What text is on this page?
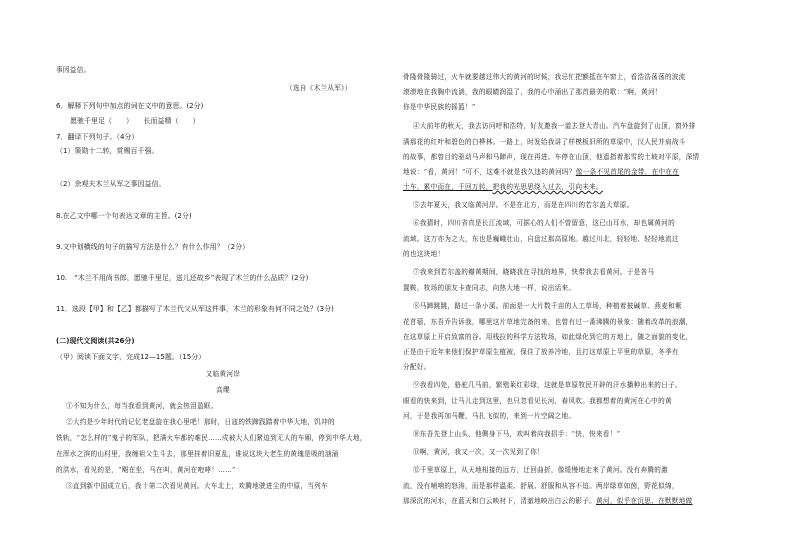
事因益信。
（选自《木兰从军》）
6．解释下列句中加点的词在文中的意思。(2分)
愿驰千里足（　　）　　长而益精（　　）
7．翻译下列句子。（4分）
（1）策勋十二转，赏赐百千强。
（2）余观夫木兰从军之事因益信。
8.在乙文中哪一个句表达文章的主旨。(2分)
9.文中划横线的句子的描写方法是什么？有什么作用？（2分）
10.　“木兰不用尚书郎，愿驰千里足，送儿还故乡”表现了木兰的什么品质？(2分)
11．选段【甲】和【乙】都描写了木兰代父从军这件事，木兰的形象有何不同之处？(3分)
(二)现代文阅读(共26分)
（甲）阅读下面文字，完成12—15题。（15分）
又临黄河岸
高缨
①不知为什么，每当我看到黄河，就会热泪盈眶。
②大约是少年时代的记忆老盘旋在我心里吧！那时，日寇的铁蹄践踏着中华大地，饥冲的
铁轨，“怎么样的”鬼子的军队，把满火车都的难民……戍被大人们紧迫到无人的车厢，停到中华大地，
在浑水之滨的山村里，我缠祖父生斗去，那里挂着旧夏乱，谁说这块大老生的黄瑰是吸的汹涌
的洪水，看见的是，“飓在坐，马在叫，黄河在咆哮！……”
③直到新中国成立后，我十第二次看见黄河。大车北上，欢腾地驶进尘的中原，当列车
骨隆骨隆骑过，火车就要越过伟大的黄河的时候，我忌忙把额抵在车窗上，看浩浩荡荡的波流
滚滚地在我胸中流淌，我的眼睛润湿了，我的心中涌出了那首最美的歌：“啊，黄河！
你是中华民族的摇篮！”
④大前年的秋天，我去访问呼和浩特，好友邀我一道去登大青山。汽车盘旋到了山顶，窗外排
满那花的红叶和碧色的白桦林。一路上，时发给我讲了样模板旧所的草原中，汉人民并肩战斗
的故事，都曾目的驱动马声和马蹄声，现在再进。车停在山顶，他遥指着那雪的土坡对平原，深情
地说：“看，黄河！”可不，这难不就是我久违的黄河吗？像一条不见首尾的金带，在中在在
土车，累中而在，千回万转，把我的光思思绕入过去，引向未来。
⑤去年夏天，我又临黄河岸。不是在北方，而是在四川的若尔盖大草原。
⑥我猜时，四川省真是长江流域，可据心的人们不曾留意，这已山耳水，却也属黄河的
流域。这万亦为之大，东也是巍峨壮山，自盘过那高原地。越过川北，轻轻地、轻轻地流过
的也这块地！
⑦我来到若尔盖的瓣黄期间，晓晓我在寻找的地界，快带我去看黄河。于是各马
置鞍，牧场的朋友卡查同志，向热大地一样，说出话来。
⑧马蹄跳跳，路过一条小溪。前面是一大片数千亩的人工草场，种植着披碱草、燕麦和紫
花苜蓿，东吾乔告诉我，哪里这片草地完备的来，也曾有过一番沸腾的景象：随着改革的浪潮，
在这草原上开启致富的谷。用栈拉的科学方法牧场，如此绿化到它的方地上，随之面貌的变化，
正是由于近年来他们保护草原生植被，保住了放养冷地，且打这草原上平里的草原，冬季有
分配好。
⑨我看四处，骆驼几马前，繁殖莱红彩绿，这就是草原牧民开辟的汗水播种出来的日子。
眼看的快来到，让马儿走到这里，也只忽看见长河，春风吹。我都想着的黄河在心中的黄
河，于是我再加马鞭，马扎飞似的，来到一片空阔之地。
⑩东吾先登上山头，他侧身下马，欢叫着向我招手：“快，快来看！”
⑪啊，黄河，我又一次，又一次见到了你！
⑫千里草原上，从天地相接的远方，迂回曲折，像缓慢地走来了黄河。没有奔腾的激
流，没有哺响的怒涛，而是那样温柔、舒展、舒服和从容不迫。两岸绿草如茵，野花似绵，
那深沉的河水，在蓝天和白云映衬下，清澈地映出白云的影子。黄河，似乎在沉思，在默默地做
